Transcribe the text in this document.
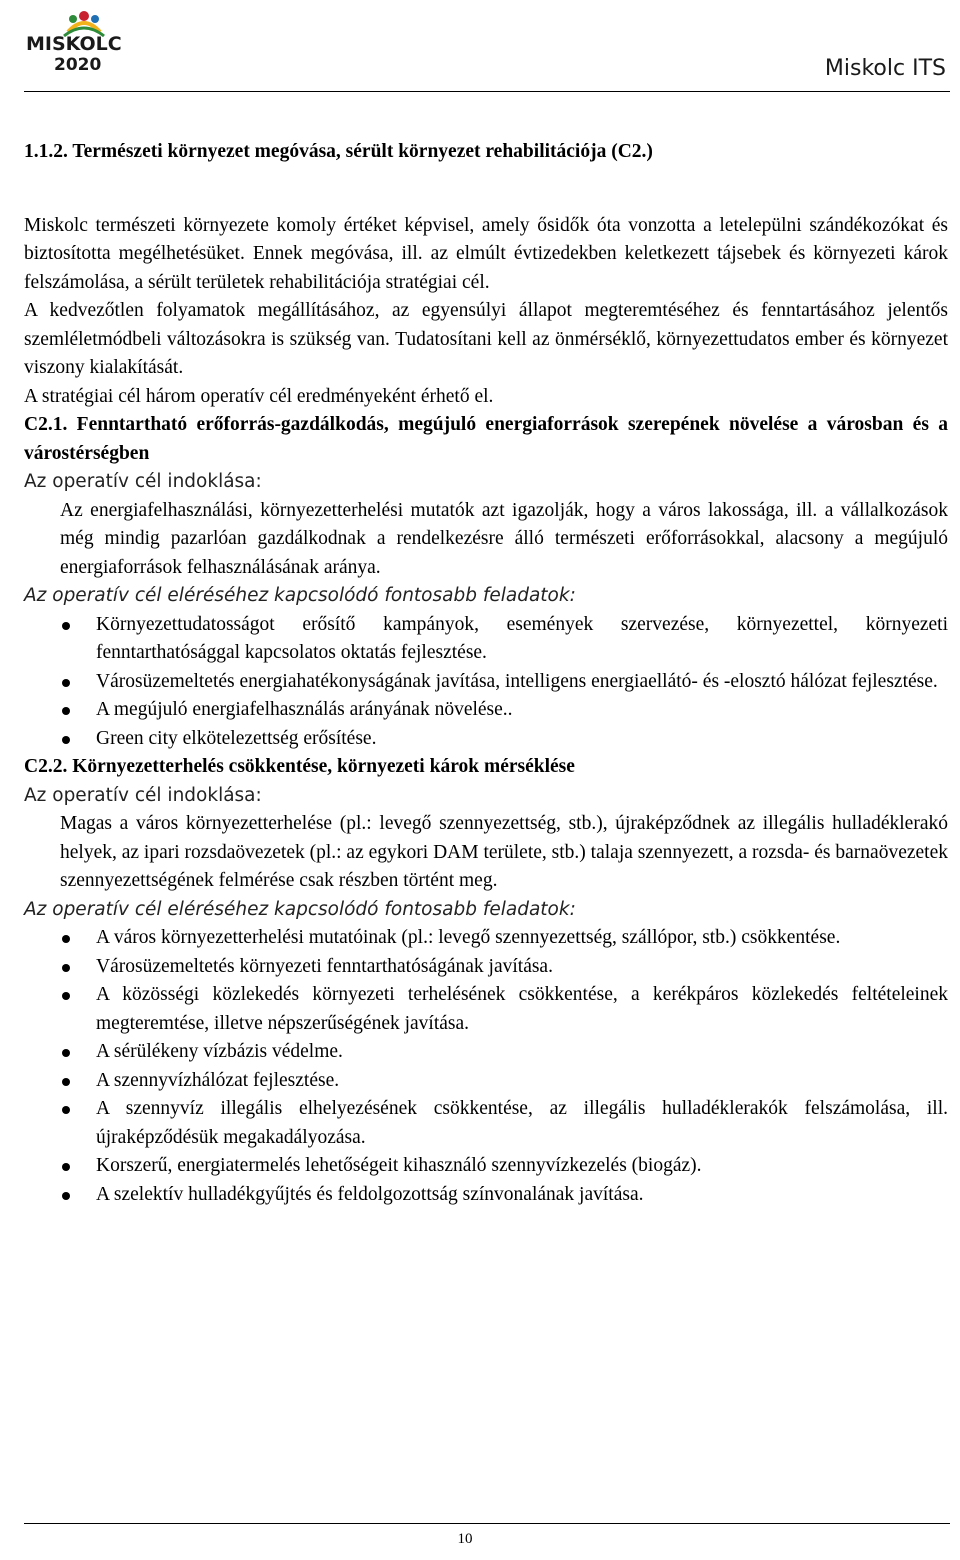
MISKOLC
2020	Miskolc ITS

1.1.2. Természeti környezet megóvása, sérült környezet rehabilitációja (C2.)

Miskolc természeti környezete komoly értéket képvisel, amely ősidők óta vonzotta a letelepülni szándékozókat és biztosította megélhetésüket. Ennek megóvása, ill. az elmúlt évtizedekben keletkezett tájsebek és környezeti károk felszámolása, a sérült területek rehabilitációja stratégiai cél.

A kedvezőtlen folyamatok megállításához, az egyensúlyi állapot megteremtéséhez és fenntartásához jelentős szemléletmódbeli változásokra is szükség van. Tudatosítani kell az önmérséklő, környezettudatos ember és környezet viszony kialakítását.

A stratégiai cél három operatív cél eredményeként érhető el.

C2.1. Fenntartható erőforrás-gazdálkodás, megújuló energiaforrások szerepének növelése a városban és a várostérségben

Az operatív cél indoklása:

Az energiafelhasználási, környezetterhelési mutatók azt igazolják, hogy a város lakossága, ill. a vállalkozások még mindig pazarlóan gazdálkodnak a rendelkezésre álló természeti erőforrásokkal, alacsony a megújuló energiaforrások felhasználásának aránya.

Az operatív cél eléréséhez kapcsolódó fontosabb feladatok:

Környezettudatosságot erősítő kampányok, események szervezése, környezettel, környezeti fenntarthatósággal kapcsolatos oktatás fejlesztése.
Városüzemeltetés energiahatékonyságának javítása, intelligens energiaellátó- és -elosztó hálózat fejlesztése.
A megújuló energiafelhasználás arányának növelése..
Green city elkötelezettség erősítése.

C2.2. Környezetterhelés csökkentése, környezeti károk mérséklése

Az operatív cél indoklása:

Magas a város környezetterhelése (pl.: levegő szennyezettség, stb.), újraképződnek az illegális hulladéklerakó helyek, az ipari rozsdaövezetek (pl.: az egykori DAM területe, stb.) talaja szennyezett, a rozsda- és barnaövezetek szennyezettségének felmérése csak részben történt meg.

Az operatív cél eléréséhez kapcsolódó fontosabb feladatok:

A város környezetterhelési mutatóinak (pl.: levegő szennyezettség, szállópor, stb.) csökkentése.
Városüzemeltetés környezeti fenntarthatóságának javítása.
A közösségi közlekedés környezeti terhelésének csökkentése, a kerékpáros közlekedés feltételeinek megteremtése, illetve népszerűségének javítása.
A sérülékeny vízbázis védelme.
A szennyvízhálózat fejlesztése.
A szennyvíz illegális elhelyezésének csökkentése, az illegális hulladéklerakók felszámolása, ill. újraképződésük megakadályozása.
Korszerű, energiatermelés lehetőségeit kihasználó szennyvízkezelés (biogáz).
A szelektív hulladékgyűjtés és feldolgozottság színvonalának javítása.
10
